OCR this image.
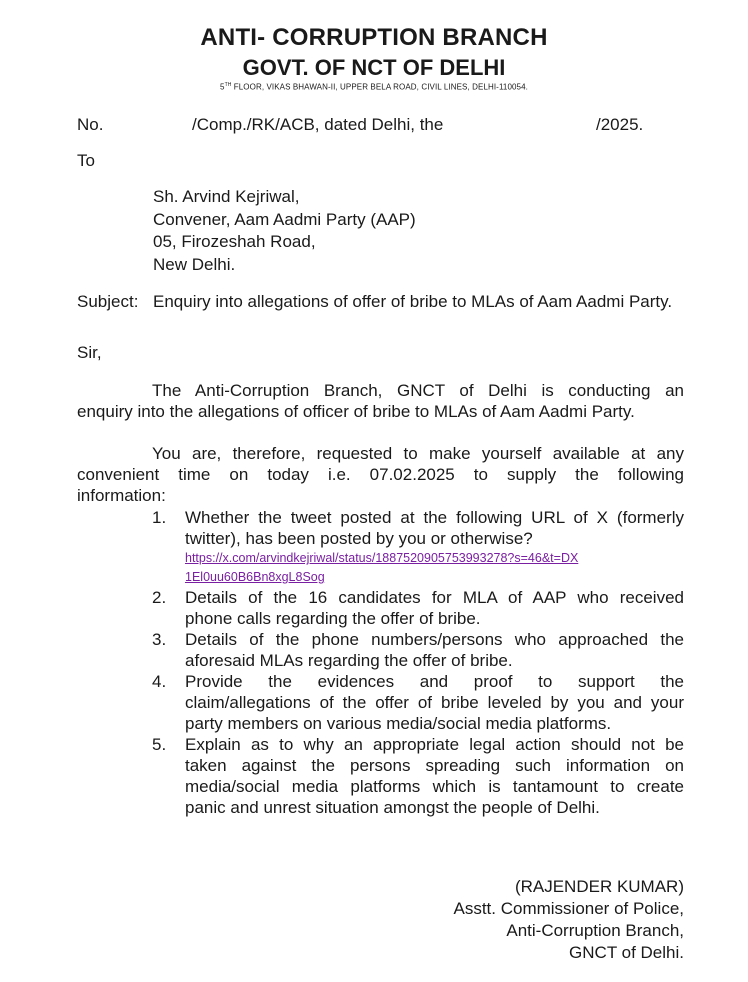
ANTI- CORRUPTION BRANCH
GOVT. OF NCT OF DELHI
5TH FLOOR, VIKAS BHAWAN-II, UPPER BELA ROAD, CIVIL LINES, DELHI-110054.
No.	/Comp./RK/ACB, dated Delhi, the	/2025.
To
Sh. Arvind Kejriwal,
Convener, Aam Aadmi Party (AAP)
05, Firozeshah Road,
New Delhi.
Subject: Enquiry into allegations of offer of bribe to MLAs of Aam Aadmi Party.
Sir,
The Anti-Corruption Branch, GNCT of Delhi is conducting an
enquiry into the allegations of officer of bribe to MLAs of Aam Aadmi Party.
You are, therefore, requested to make yourself available at any
convenient time on today i.e. 07.02.2025 to supply the following
information:
1. Whether the tweet posted at the following URL of X (formerly
twitter), has been posted by you or otherwise?
https://x.com/arvindkejriwal/status/1887520905753993278?s=46&t=DX
1El0uu60B6Bn8xgL8Sog
2. Details of the 16 candidates for MLA of AAP who received
phone calls regarding the offer of bribe.
3. Details of the phone numbers/persons who approached the
aforesaid MLAs regarding the offer of bribe.
4. Provide the evidences and proof to support the
claim/allegations of the offer of bribe leveled by you and your
party members on various media/social media platforms.
5. Explain as to why an appropriate legal action should not be
taken against the persons spreading such information on
media/social media platforms which is tantamount to create
panic and unrest situation amongst the people of Delhi.
(RAJENDER KUMAR)
Asstt. Commissioner of Police,
Anti-Corruption Branch,
GNCT of Delhi.
